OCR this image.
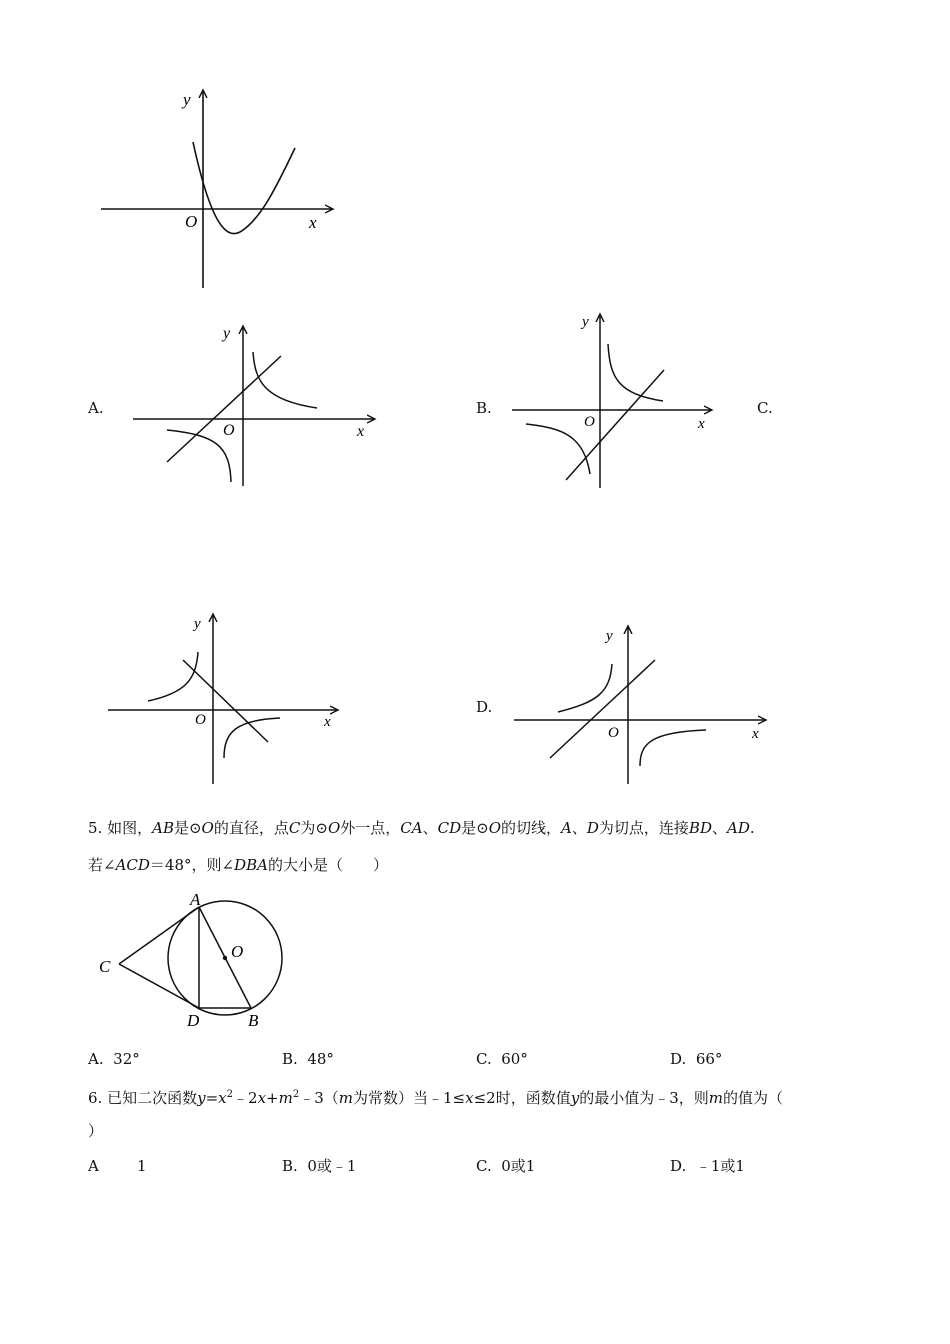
y
x
O
A.
y
x
O
B.
y
x
O
C.
y
x
O
D.
y
x
O
5. 如图，AB是⊙O的直径，点C为⊙O外一点，CA、CD是⊙O的切线，A、D为切点，连接BD、AD.
若∠ACD＝48°，则∠DBA的大小是（　　）
A
O
C
D	B
A. 32°	B. 48°	C. 60°	D. 66°
6. 已知二次函数$y=x^2﹣2x+m^2﹣3(m$为常数）当﹣1≤x≤2时，函数值y的最小值为﹣3，则m的值为（
）
A	1	B. 0或﹣1	C. 0或1	D. ﹣1或1
